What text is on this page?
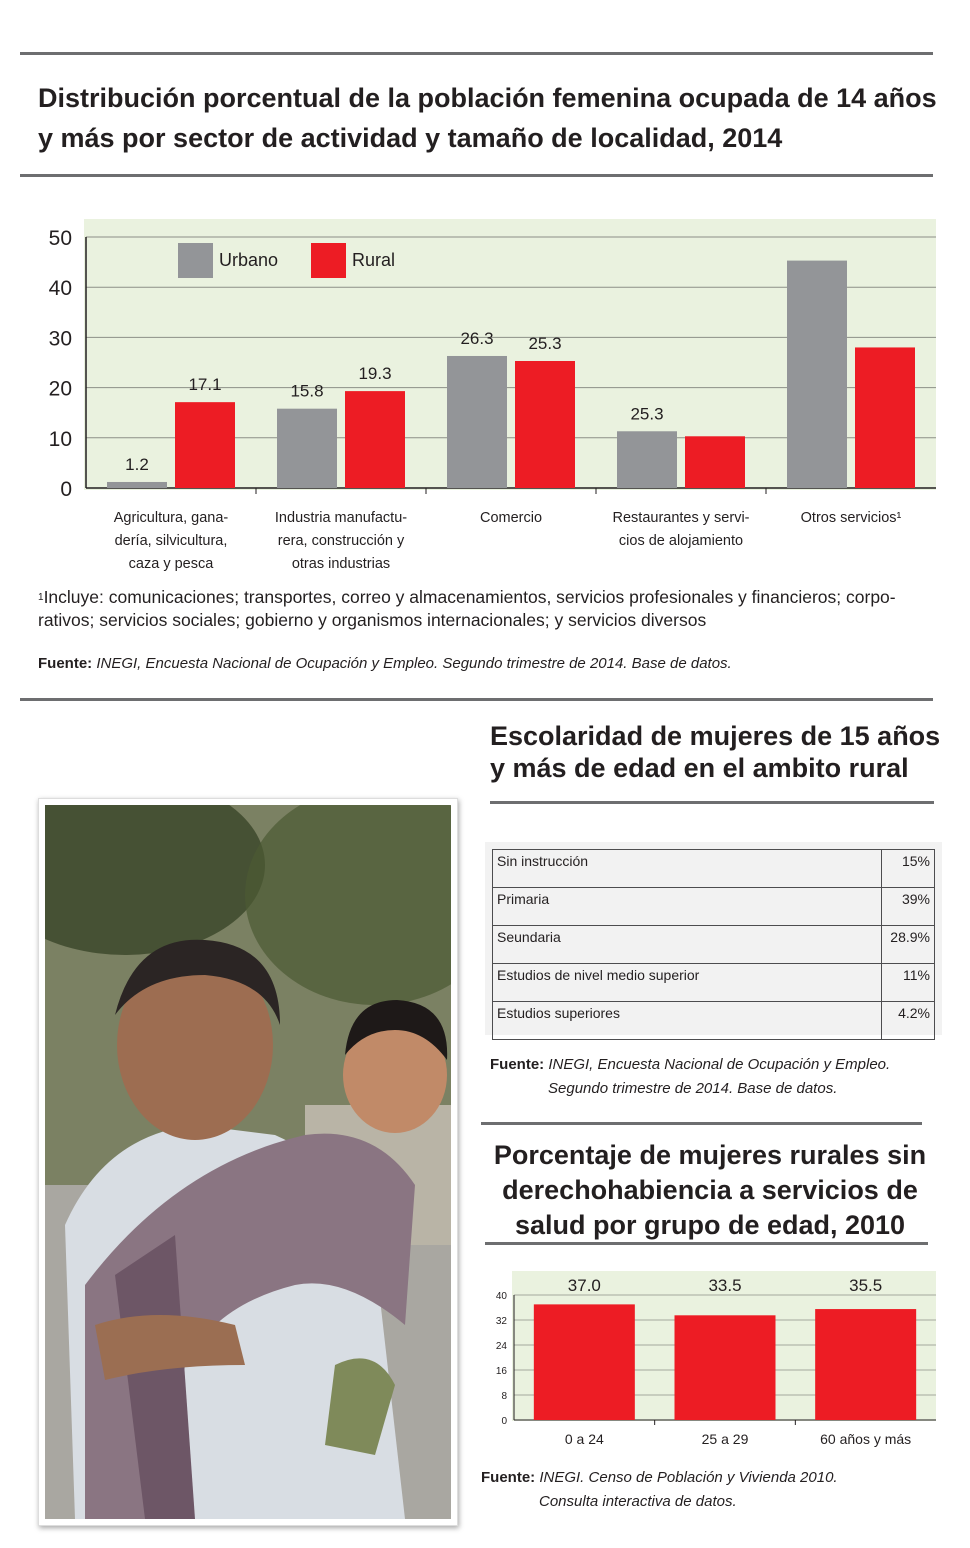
Distribución porcentual de la población femenina ocupada de 14 años y más por sector de actividad y tamaño de localidad, 2014
0
10
20
30
40
50
1.2
17.1
Agricultura, gana-
dería, silvicultura,
caza y pesca
15.8
19.3
Industria manufactu-
rera, construcción y
otras industrias
26.3 25.3
Comercio
25.3
Restaurantes y servi-
cios de alojamiento
Otros servicios¹
Urbano	Rural
$^1$Incluye: comunicaciones; transportes, correo y almacenamientos, servicios profesionales y financieros; corpo- rativos; servicios sociales; gobierno y organismos internacionales; y servicios diversos
Fuente: INEGI, Encuesta Nacional de Ocupación y Empleo. Segundo trimestre de 2014. Base de datos.
Escolaridad de mujeres de 15 años y más de edad en el ambito rural
Sin instrucción	15%
Primaria	39%
Seundaria	28.9%
Estudios de nivel medio superior	11%
Estudios superiores	4.2%
Fuente: INEGI, Encuesta Nacional de Ocupación y Empleo.
Segundo trimestre de 2014. Base de datos.
Porcentaje de mujeres rurales sin derechohabiencia a servicios de salud por grupo de edad, 2010
0
8
16
24
32
40
37.0
0 a 24
33.5
25 a 29
35.5
60 años y más
Fuente: INEGI. Censo de Población y Vivienda 2010.
Consulta interactiva de datos.
